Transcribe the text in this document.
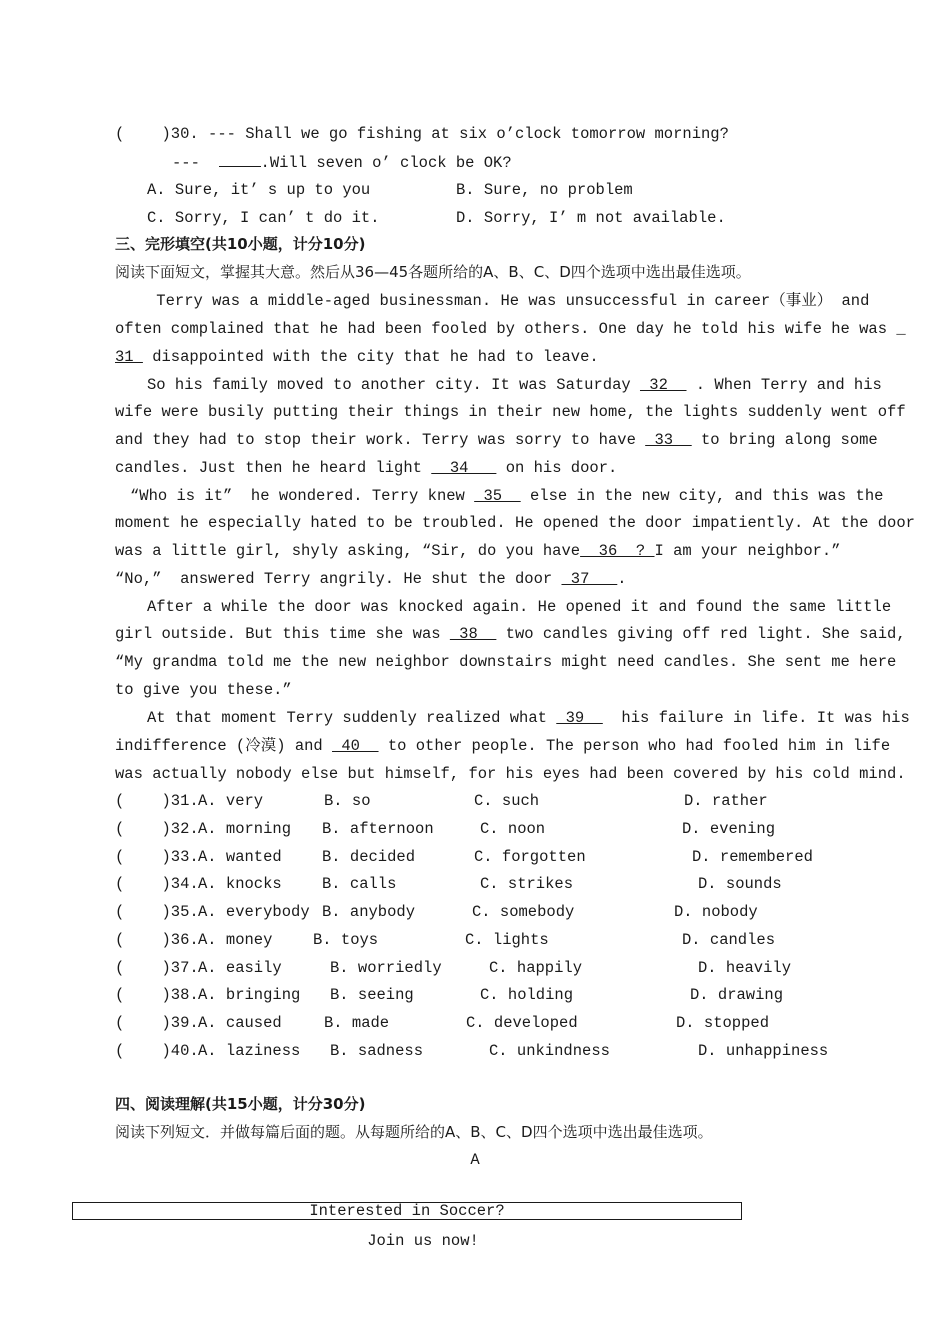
(    )30. --- Shall we go fishing at six o’clock tomorrow morning?
---	.Will seven o’ clock be OK?
A. Sure, it’ s up to you	B. Sure, no problem
C. Sorry, I can’ t do it.	D. Sorry, I’ m not available.
三、完形填空(共10小题，计分10分)
阅读下面短文，掌握其大意。然后从36—45各题所给的A、B、C、D四个选项中选出最佳选项。
Terry was a middle-aged businessman. He was unsuccessful in career（事业） and
often complained that he had been fooled by others. One day he told his wife he was _
31  disappointed with the city that he had to leave.
So his family moved to another city. It was Saturday  32   . When Terry and his
wife were busily putting their things in their new home, the lights suddenly went off
and they had to stop their work. Terry was sorry to have  33   to bring along some
candles. Just then he heard light   34    on his door.
“Who is it”  he wondered. Terry knew  35   else in the new city, and this was the
moment he especially hated to be troubled. He opened the door impatiently. At the door
was a little girl, shyly asking, “Sir, do you have  36  ? I am your neighbor.”
“No,”  answered Terry angrily. He shut the door  37   .
After a while the door was knocked again. He opened it and found the same little
girl outside. But this time she was  38   two candles giving off red light. She said,
“My grandma told me the new neighbor downstairs might need candles. She sent me here
to give you these.”
At that moment Terry suddenly realized what  39    his failure in life. It was his
indifference (冷漠) and  40   to other people. The person who had fooled him in life
was actually nobody else but himself, for his eyes had been covered by his cold mind.
(    )31. A. very	B. so	C. such	D. rather
(    )32. A. morning B. afternoon	C. noon	D. evening
(    )33. A. wanted	B. decided	C. forgotten	D. remembered
(    )34. A. knocks	B. calls	C. strikes	D. sounds
(    )35. A. everybody B. anybody	C. somebody	D. nobody
(    )36. A. money	B. toys	C. lights	D. candles
(    )37. A. easily	B. worriedly	C. happily	D. heavily
(    )38. A. bringing B. seeing	C. holding	D. drawing
(    )39. A. caused	B. made	C. developed	D. stopped
(    )40. A. laziness B. sadness	C. unkindness	D. unhappiness
四、阅读理解(共15小题，计分30分)
阅读下列短文．并做每篇后面的题。从每题所给的A、B、C、D四个选项中选出最佳选项。
A
Interested in Soccer?
Join us now!
